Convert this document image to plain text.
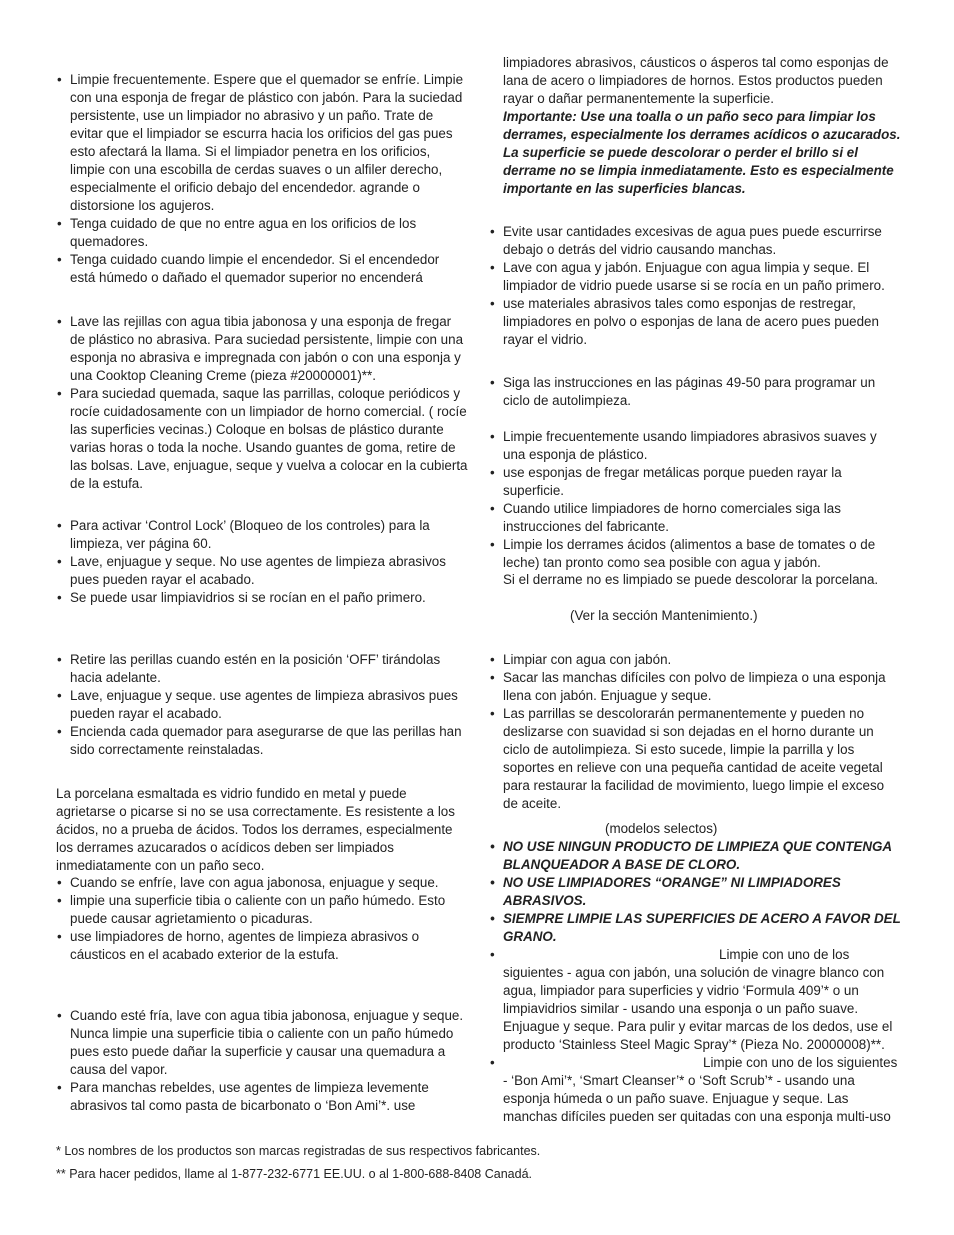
• Limpie frecuentemente. Espere que el quemador se enfríe. Limpie con una esponja de fregar de plástico con jabón. Para la suciedad persistente, use un limpiador no abrasivo y un paño. Trate de evitar que el limpiador se escurra hacia los orificios del gas pues esto afectará la llama. Si el limpiador penetra en los orificios, limpie con una escobilla de cerdas suaves o un alfiler derecho, especialmente el orificio debajo del encendedor. agrande o distorsione los agujeros.
• Tenga cuidado de que no entre agua en los orificios de los quemadores.
• Tenga cuidado cuando limpie el encendedor. Si el encendedor está húmedo o dañado el quemador superior no encenderá
• Lave las rejillas con agua tibia jabonosa y una esponja de fregar de plástico no abrasiva. Para suciedad persistente, limpie con una esponja no abrasiva e impregnada con jabón o con una esponja y una Cooktop Cleaning Creme (pieza #20000001)**.
• Para suciedad quemada, saque las parrillas, coloque periódicos y rocíe cuidadosamente con un limpiador de horno comercial. ( rocíe las superficies vecinas.) Coloque en bolsas de plástico durante varias horas o toda la noche. Usando guantes de goma, retire de las bolsas. Lave, enjuague, seque y vuelva a colocar en la cubierta de la estufa.
• Para activar ‘Control Lock’ (Bloqueo de los controles) para la limpieza, ver página 60.
• Lave, enjuague y seque. No use agentes de limpieza abrasivos pues pueden rayar el acabado.
• Se puede usar limpiavidrios si se rocían en el paño primero.
• Retire las perillas cuando estén en la posición ‘OFF’ tirándolas hacia adelante.
• Lave, enjuague y seque. use agentes de limpieza abrasivos pues pueden rayar el acabado.
• Encienda cada quemador para asegurarse de que las perillas han sido correctamente reinstaladas.

La porcelana esmaltada es vidrio fundido en metal y puede agrietarse o picarse si no se usa correctamente. Es resistente a los ácidos, no a prueba de ácidos. Todos los derrames, especialmente los derrames azucarados o acídicos deben ser limpiados inmediatamente con un paño seco.

• Cuando se enfríe, lave con agua jabonosa, enjuague y seque.
• limpie una superficie tibia o caliente con un paño húmedo. Esto puede causar agrietamiento o picaduras.
• use limpiadores de horno, agentes de limpieza abrasivos o cáusticos en el acabado exterior de la estufa.
• Cuando esté fría, lave con agua tibia jabonosa, enjuague y seque. Nunca limpie una superficie tibia o caliente con un paño húmedo pues esto puede dañar la superficie y causar una quemadura a causa del vapor.
• Para manchas rebeldes, use agentes de limpieza levemente abrasivos tal como pasta de bicarbonato o ‘Bon Ami’*. use

limpiadores abrasivos, cáusticos o ásperos tal como esponjas de lana de acero o limpiadores de hornos. Estos productos pueden rayar o dañar permanentemente la superficie.

Importante: Use una toalla o un paño seco para limpiar los derrames, especialmente los derrames acídicos o azucarados. La superficie se puede descolorar o perder el brillo si el derrame no se limpia inmediatamente. Esto es especialmente importante en las superficies blancas.

• Evite usar cantidades excesivas de agua pues puede escurrirse debajo o detrás del vidrio causando manchas.
• Lave con agua y jabón. Enjuague con agua limpia y seque. El limpiador de vidrio puede usarse si se rocía en un paño primero.
• use materiales abrasivos tales como esponjas de restregar, limpiadores en polvo o esponjas de lana de acero pues pueden rayar el vidrio.
• Siga las instrucciones en las páginas 49-50 para programar un ciclo de autolimpieza.
• Limpie frecuentemente usando limpiadores abrasivos suaves y una esponja de plástico.
• use esponjas de fregar metálicas porque pueden rayar la superficie.
• Cuando utilice limpiadores de horno comerciales siga las instrucciones del fabricante.
• Limpie los derrames ácidos (alimentos a base de tomates o de leche) tan pronto como sea posible con agua y jabón.

Si el derrame no es limpiado se puede descolorar la porcelana.

(Ver la sección Mantenimiento.)

• Limpiar con agua con jabón.
• Sacar las manchas difíciles con polvo de limpieza o una esponja llena con jabón. Enjuague y seque.
• Las parrillas se descolorarán permanentemente y pueden no deslizarse con suavidad si son dejadas en el horno durante un ciclo de autolimpieza. Si esto sucede, limpie la parrilla y los soportes en relieve con una pequeña cantidad de aceite vegetal para restaurar la facilidad de movimiento, luego limpie el exceso de aceite.

(modelos selectos)

• NO USE NINGUN PRODUCTO DE LIMPIEZA QUE CONTENGA BLANQUEADOR A BASE DE CLORO.
• NO USE LIMPIADORES “ORANGE” NI LIMPIADORES ABRASIVOS.
• SIEMPRE LIMPIE LAS SUPERFICIES DE ACERO A FAVOR DEL GRANO.
• Limpie con uno de los siguientes - agua con jabón, una solución de vinagre blanco con agua, limpiador para superficies y vidrio ‘Formula 409’* o un limpiavidrios similar - usando una esponja o un paño suave. Enjuague y seque. Para pulir y evitar marcas de los dedos, use el producto ‘Stainless Steel Magic Spray’* (Pieza No. 20000008)**.
• Limpie con uno de los siguientes - ‘Bon Ami’*, ‘Smart Cleanser’* o ‘Soft Scrub’* - usando una esponja húmeda o un paño suave. Enjuague y seque. Las manchas difíciles pueden ser quitadas con una esponja multi-uso

* Los nombres de los productos son marcas registradas de sus respectivos fabricantes.

** Para hacer pedidos, llame al 1-877-232-6771 EE.UU. o al 1-800-688-8408 Canadá.
